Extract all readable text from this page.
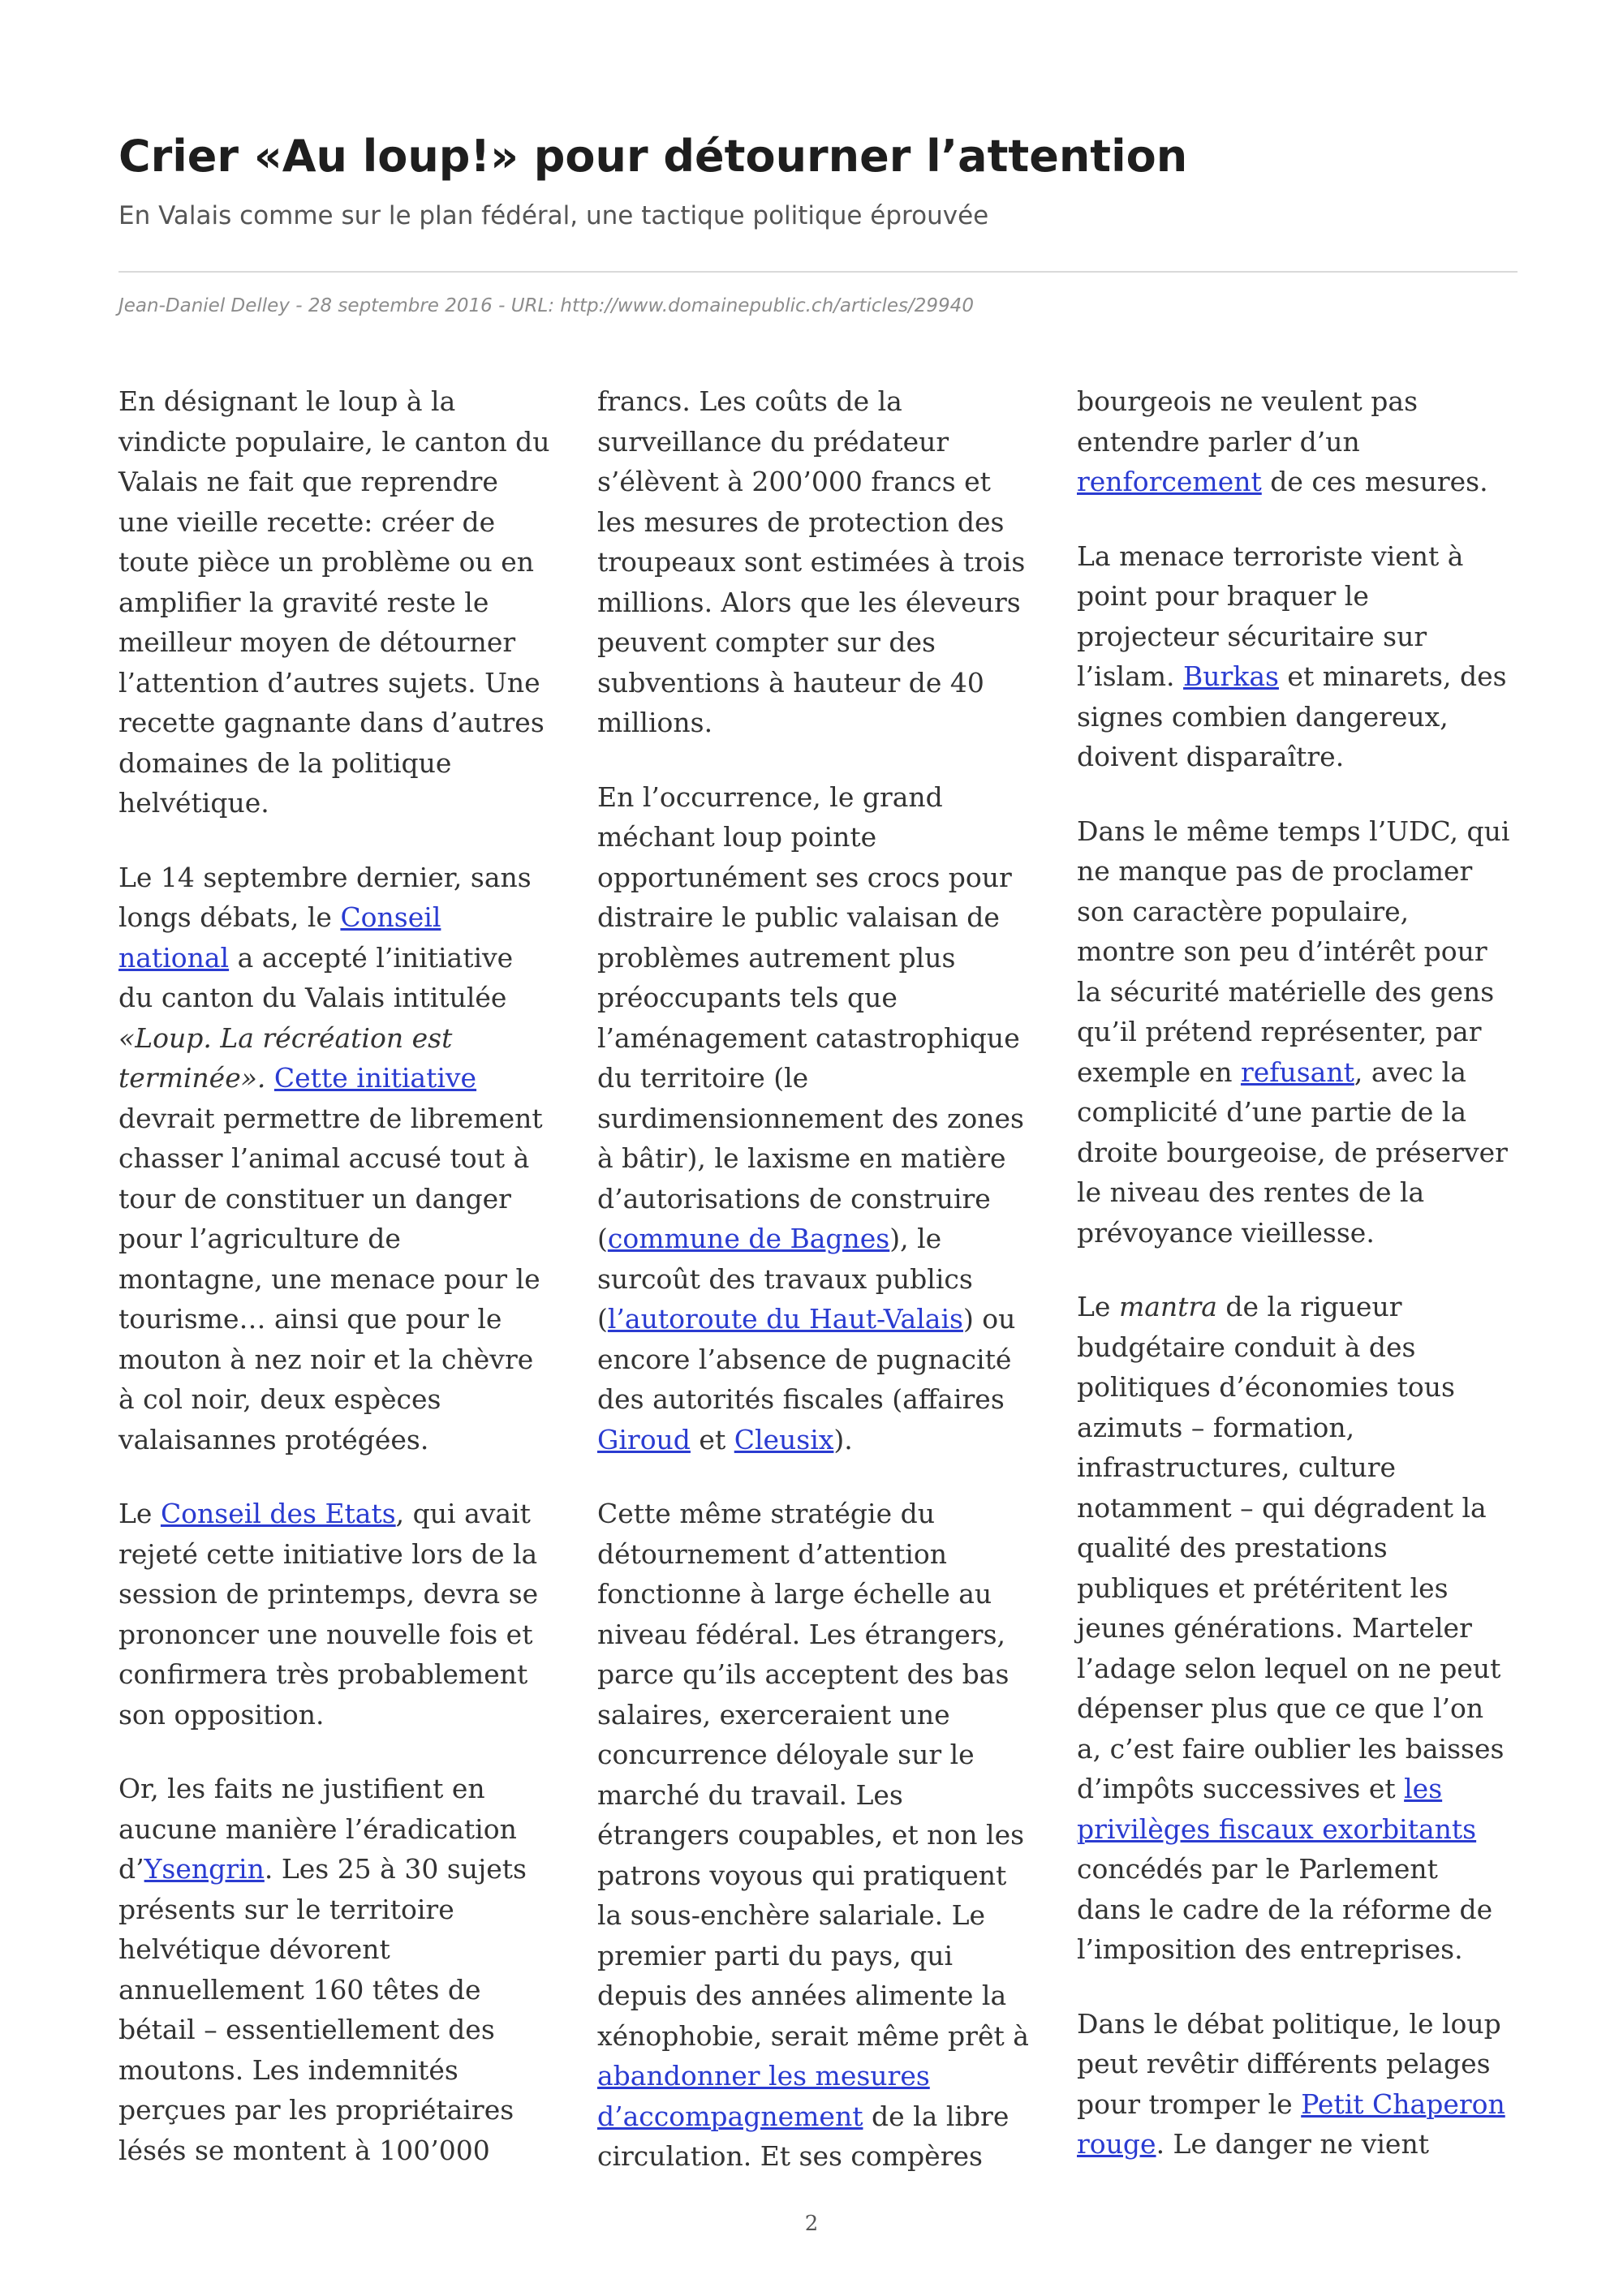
Crier «Au loup!» pour détourner l’attention
En Valais comme sur le plan fédéral, une tactique politique éprouvée
Jean-Daniel Delley - 28 septembre 2016 - URL: http://www.domainepublic.ch/articles/29940

En désignant le loup à la
vindicte populaire, le canton du
Valais ne fait que reprendre
une vieille recette: créer de
toute pièce un problème ou en
amplifier la gravité reste le
meilleur moyen de détourner
l’attention d’autres sujets. Une
recette gagnante dans d’autres
domaines de la politique
helvétique.

Le 14 septembre dernier, sans
longs débats, le Conseil
national a accepté l’initiative
du canton du Valais intitulée
«Loup. La récréation est
terminée». Cette initiative
devrait permettre de librement
chasser l’animal accusé tout à
tour de constituer un danger
pour l’agriculture de
montagne, une menace pour le
tourisme… ainsi que pour le
mouton à nez noir et la chèvre
à col noir, deux espèces
valaisannes protégées.

Le Conseil des Etats, qui avait
rejeté cette initiative lors de la
session de printemps, devra se
prononcer une nouvelle fois et
confirmera très probablement
son opposition.

Or, les faits ne justifient en
aucune manière l’éradication
d’Ysengrin. Les 25 à 30 sujets
présents sur le territoire
helvétique dévorent
annuellement 160 têtes de
bétail – essentiellement des
moutons. Les indemnités
perçues par les propriétaires
lésés se montent à 100’000

francs. Les coûts de la
surveillance du prédateur
s’élèvent à 200’000 francs et
les mesures de protection des
troupeaux sont estimées à trois
millions. Alors que les éleveurs
peuvent compter sur des
subventions à hauteur de 40
millions.

En l’occurrence, le grand
méchant loup pointe
opportunément ses crocs pour
distraire le public valaisan de
problèmes autrement plus
préoccupants tels que
l’aménagement catastrophique
du territoire (le
surdimensionnement des zones
à bâtir), le laxisme en matière
d’autorisations de construire
(commune de Bagnes), le
surcoût des travaux publics
(l’autoroute du Haut-Valais) ou
encore l’absence de pugnacité
des autorités fiscales (affaires
Giroud et Cleusix).

Cette même stratégie du
détournement d’attention
fonctionne à large échelle au
niveau fédéral. Les étrangers,
parce qu’ils acceptent des bas
salaires, exerceraient une
concurrence déloyale sur le
marché du travail. Les
étrangers coupables, et non les
patrons voyous qui pratiquent
la sous-enchère salariale. Le
premier parti du pays, qui
depuis des années alimente la
xénophobie, serait même prêt à
abandonner les mesures
d’accompagnement de la libre
circulation. Et ses compères

bourgeois ne veulent pas
entendre parler d’un
renforcement de ces mesures.

La menace terroriste vient à
point pour braquer le
projecteur sécuritaire sur
l’islam. Burkas et minarets, des
signes combien dangereux,
doivent disparaître.

Dans le même temps l’UDC, qui
ne manque pas de proclamer
son caractère populaire,
montre son peu d’intérêt pour
la sécurité matérielle des gens
qu’il prétend représenter, par
exemple en refusant, avec la
complicité d’une partie de la
droite bourgeoise, de préserver
le niveau des rentes de la
prévoyance vieillesse.

Le mantra de la rigueur
budgétaire conduit à des
politiques d’économies tous
azimuts – formation,
infrastructures, culture
notamment – qui dégradent la
qualité des prestations
publiques et prétéritent les
jeunes générations. Marteler
l’adage selon lequel on ne peut
dépenser plus que ce que l’on
a, c’est faire oublier les baisses
d’impôts successives et les
privilèges fiscaux exorbitants
concédés par le Parlement
dans le cadre de la réforme de
l’imposition des entreprises.

Dans le débat politique, le loup
peut revêtir différents pelages
pour tromper le Petit Chaperon
rouge. Le danger ne vient

2
